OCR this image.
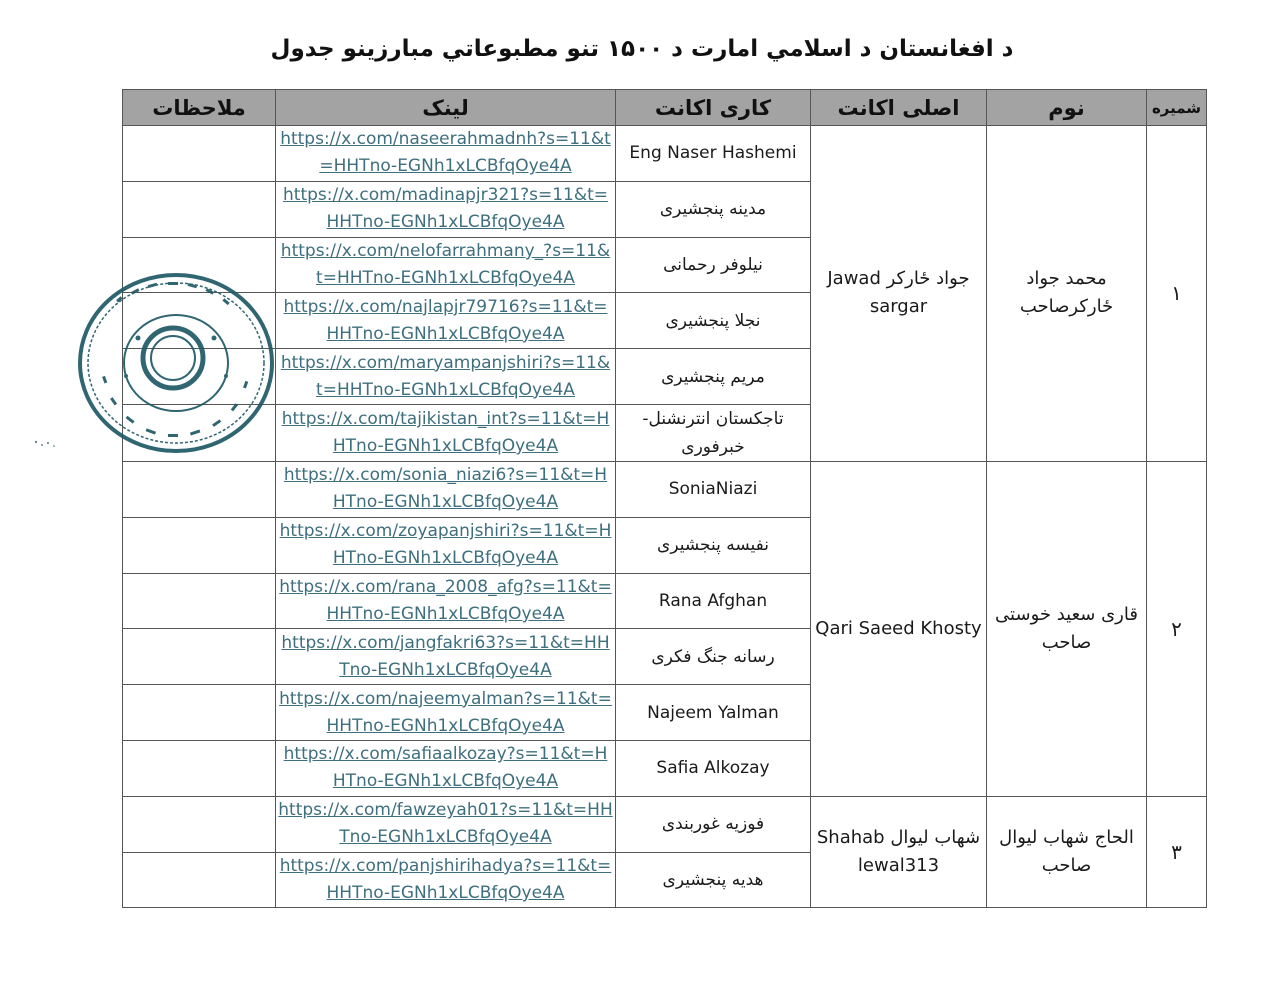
د افغانستان د اسلامي امارت د ۱۵۰۰ تنو مطبوعاتي مبارزينو جدول
شمیره	نوم	اصلی اکانت	کاری اکانت	لینک	ملاحظات
۱	محمد جواد ځارکرصاحب	جواد ځارکر Jawad sargar	Eng Naser Hashemi	https://x.com/naseerahmadnh?s=11&t=HHTno-EGNh1xLCBfqOye4A	
			مدینه پنجشیری	https://x.com/madinapjr321?s=11&t=HHTno-EGNh1xLCBfqOye4A	
			نیلوفر رحمانی	https://x.com/nelofarrahmany_?s=11&t=HHTno-EGNh1xLCBfqOye4A	
			نجلا پنجشیری	https://x.com/najlapjr79716?s=11&t=HHTno-EGNh1xLCBfqOye4A	
			مریم پنجشیری	https://x.com/maryampanjshiri?s=11&t=HHTno-EGNh1xLCBfqOye4A	
			تاجکستان انترنشنل- خبرفوری	https://x.com/tajikistan_int?s=11&t=HHTno-EGNh1xLCBfqOye4A	
۲	قاری سعید خوستی صاحب	Qari Saeed Khosty	SoniaNiazi	https://x.com/sonia_niazi6?s=11&t=HHTno-EGNh1xLCBfqOye4A	
			نفیسه پنجشیری	https://x.com/zoyapanjshiri?s=11&t=HHTno-EGNh1xLCBfqOye4A	
			Rana Afghan	https://x.com/rana_2008_afg?s=11&t=HHTno-EGNh1xLCBfqOye4A	
			رسانه جنگ فکری	https://x.com/jangfakri63?s=11&t=HHTno-EGNh1xLCBfqOye4A	
			Najeem Yalman	https://x.com/najeemyalman?s=11&t=HHTno-EGNh1xLCBfqOye4A	
			Safia Alkozay	https://x.com/safiaalkozay?s=11&t=HHTno-EGNh1xLCBfqOye4A	
۳	الحاج شهاب لیوال صاحب	شهاب لیوال Shahab lewal313	فوزیه غوربندی	https://x.com/fawzeyah01?s=11&t=HHTno-EGNh1xLCBfqOye4A	
			هدیه پنجشیری	https://x.com/panjshirihadya?s=11&t=HHTno-EGNh1xLCBfqOye4A	
